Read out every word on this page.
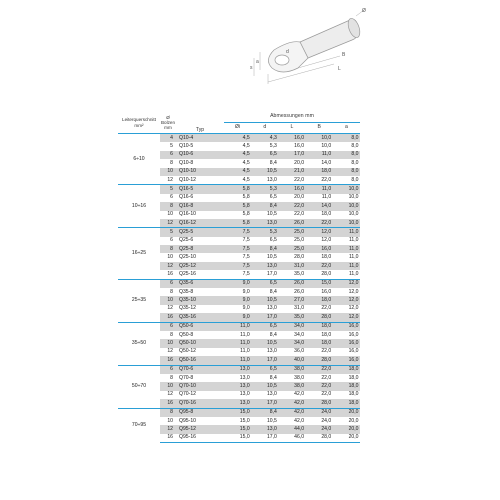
Ø
L
B
d
s
a
Leiterquerschnitt
mm²	Ø
Bolzen
mm	Typ	Abmessungen mm				
			Øi	d	L	B	a
6÷10	4	Q10-4	4,5	4,3	16,0	10,0	8,0
	5	Q10-5	4,5	5,3	16,0	10,0	8,0
	6	Q10-6	4,5	6,5	17,0	11,0	8,0
	8	Q10-8	4,5	8,4	20,0	14,0	8,0
	10	Q10-10	4,5	10,5	21,0	18,0	8,0
	12	Q10-12	4,5	13,0	22,0	22,0	8,0
10÷16	5	Q16-5	5,8	5,3	16,0	11,0	10,0
	6	Q16-6	5,8	6,5	20,0	11,0	10,0
	8	Q16-8	5,8	8,4	22,0	14,0	10,0
	10	Q16-10	5,8	10,5	22,0	18,0	10,0
	12	Q16-12	5,8	13,0	26,0	22,0	10,0
16÷25	5	Q25-5	7,5	5,3	25,0	12,0	11,0
	6	Q25-6	7,5	6,5	25,0	12,0	11,0
	8	Q25-8	7,5	8,4	25,0	16,0	11,0
	10	Q25-10	7,5	10,5	28,0	18,0	11,0
	12	Q25-12	7,5	13,0	31,0	22,0	11,0
	16	Q25-16	7,5	17,0	35,0	28,0	11,0
25÷35	6	Q35-6	9,0	6,5	26,0	15,0	12,0
	8	Q35-8	9,0	8,4	26,0	16,0	12,0
	10	Q35-10	9,0	10,5	27,0	18,0	12,0
	12	Q35-12	9,0	13,0	31,0	22,0	12,0
	16	Q35-16	9,0	17,0	35,0	28,0	12,0
35÷50	6	Q50-6	11,0	6,5	34,0	18,0	16,0
	8	Q50-8	11,0	8,4	34,0	18,0	16,0
	10	Q50-10	11,0	10,5	34,0	18,0	16,0
	12	Q50-12	11,0	13,0	36,0	22,0	16,0
	16	Q50-16	11,0	17,0	40,0	28,0	16,0
50÷70	6	Q70-6	13,0	6,5	38,0	22,0	18,0
	8	Q70-8	13,0	8,4	38,0	22,0	18,0
	10	Q70-10	13,0	10,5	38,0	22,0	18,0
	12	Q70-12	13,0	13,0	42,0	22,0	18,0
	16	Q70-16	13,0	17,0	42,0	28,0	18,0
70÷95	8	Q95-8	15,0	8,4	42,0	24,0	20,0
	10	Q95-10	15,0	10,5	42,0	24,0	20,0
	12	Q95-12	15,0	13,0	44,0	24,0	20,0
	16	Q95-16	15,0	17,0	46,0	28,0	20,0
